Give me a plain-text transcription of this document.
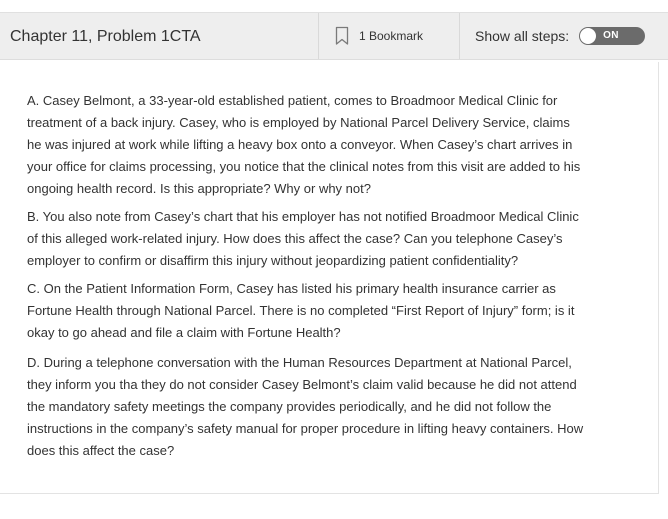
Chapter 11, Problem 1CTA	1 Bookmark	Show all steps:	ON

A. Casey Belmont, a 33-year-old established patient, comes to Broadmoor Medical Clinic for
treatment of a back injury. Casey, who is employed by National Parcel Delivery Service, claims
he was injured at work while lifting a heavy box onto a conveyor. When Casey’s chart arrives in
your office for claims processing, you notice that the clinical notes from this visit are added to his
ongoing health record. Is this appropriate? Why or why not?

B. You also note from Casey’s chart that his employer has not notified Broadmoor Medical Clinic
of this alleged work-related injury. How does this affect the case? Can you telephone Casey’s
employer to confirm or disaffirm this injury without jeopardizing patient confidentiality?

C. On the Patient Information Form, Casey has listed his primary health insurance carrier as
Fortune Health through National Parcel. There is no completed “First Report of Injury” form; is it
okay to go ahead and file a claim with Fortune Health?

D. During a telephone conversation with the Human Resources Department at National Parcel,
they inform you tha they do not consider Casey Belmont’s claim valid because he did not attend
the mandatory safety meetings the company provides periodically, and he did not follow the
instructions in the company’s safety manual for proper procedure in lifting heavy containers. How
does this affect the case?
